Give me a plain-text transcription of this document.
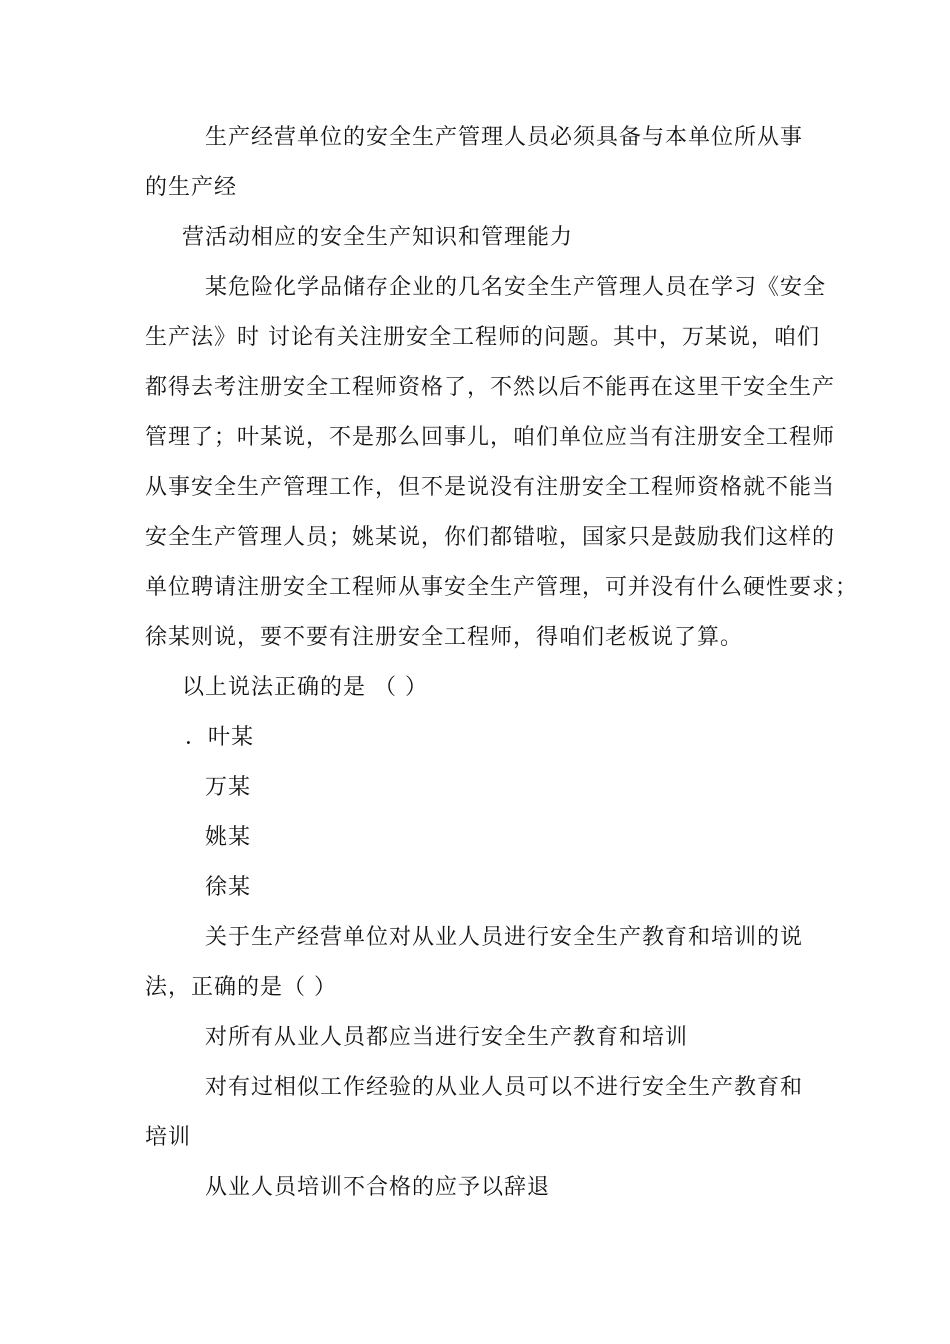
生产经营单位的安全生产管理人员必须具备与本单位所从事
的生产经
营活动相应的安全生产知识和管理能力
某危险化学品储存企业的几名安全生产管理人员在学习《安全
生产法》时 讨论有关注册安全工程师的问题。其中，万某说，咱们
都得去考注册安全工程师资格了，不然以后不能再在这里干安全生产
管理了；叶某说，不是那么回事儿，咱们单位应当有注册安全工程师
从事安全生产管理工作，但不是说没有注册安全工程师资格就不能当
安全生产管理人员；姚某说，你们都错啦，国家只是鼓励我们这样的
单位聘请注册安全工程师从事安全生产管理，可并没有什么硬性要求；
徐某则说，要不要有注册安全工程师，得咱们老板说了算。
以上说法正确的是 （ ）
．叶某
万某
姚某
徐某
关于生产经营单位对从业人员进行安全生产教育和培训的说
法，正确的是（ ）
对所有从业人员都应当进行安全生产教育和培训
对有过相似工作经验的从业人员可以不进行安全生产教育和
培训
从业人员培训不合格的应予以辞退
